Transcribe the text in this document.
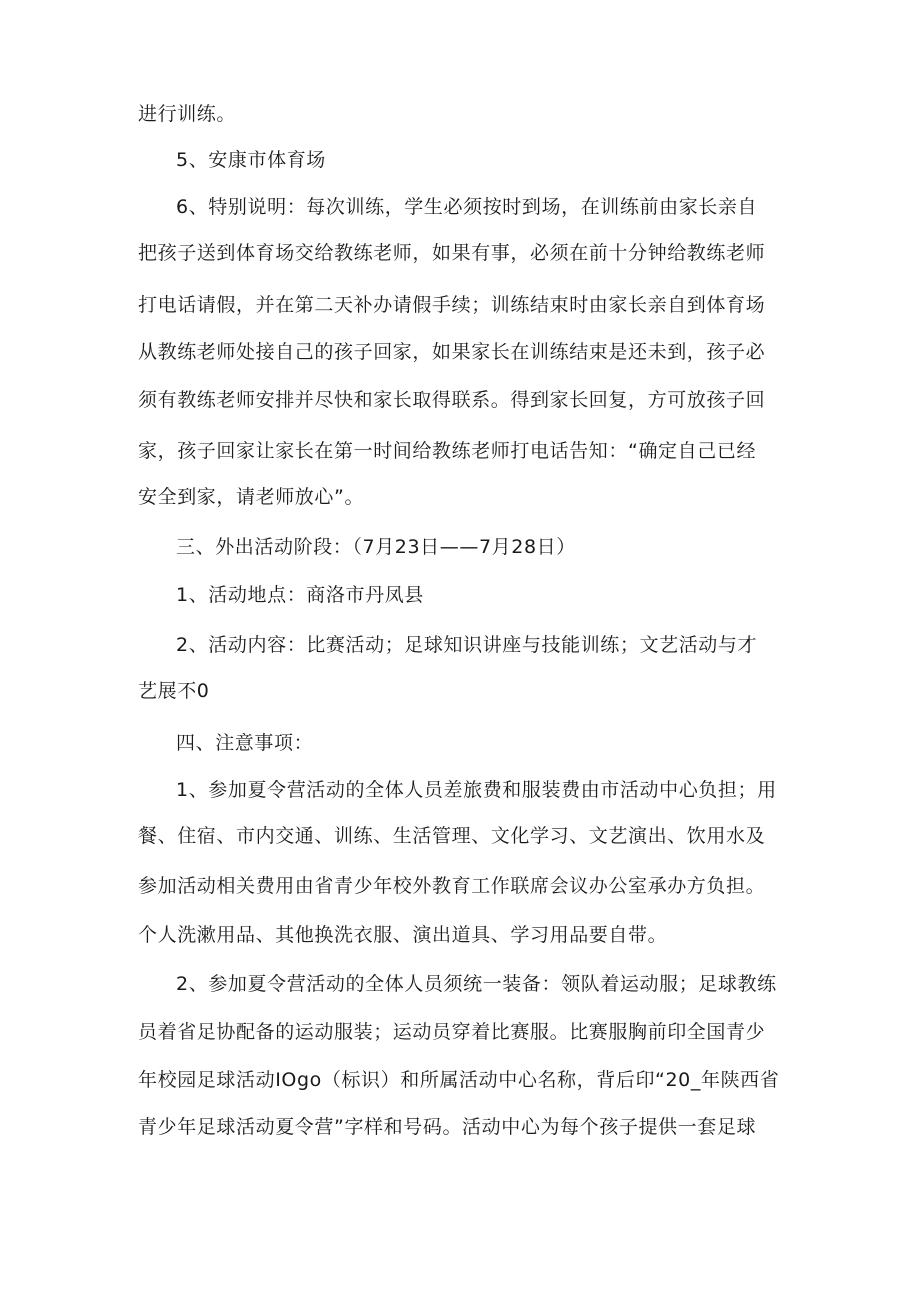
进行训练。
5、安康市体育场
6、特别说明：每次训练，学生必须按时到场，在训练前由家长亲自
把孩子送到体育场交给教练老师，如果有事，必须在前十分钟给教练老师
打电话请假，并在第二天补办请假手续；训练结束时由家长亲自到体育场
从教练老师处接自己的孩子回家，如果家长在训练结束是还未到，孩子必
须有教练老师安排并尽快和家长取得联系。得到家长回复，方可放孩子回
家，孩子回家让家长在第一时间给教练老师打电话告知：“确定自己已经
安全到家，请老师放心”。
三、外出活动阶段：（7月23日——7月28日）
1、活动地点：商洛市丹凤县
2、活动内容：比赛活动；足球知识讲座与技能训练；文艺活动与才
艺展不0
四、注意事项：
1、参加夏令营活动的全体人员差旅费和服装费由市活动中心负担；用
餐、住宿、市内交通、训练、生活管理、文化学习、文艺演出、饮用水及
参加活动相关费用由省青少年校外教育工作联席会议办公室承办方负担。
个人洗漱用品、其他换洗衣服、演出道具、学习用品要自带。
2、参加夏令营活动的全体人员须统一装备：领队着运动服；足球教练
员着省足协配备的运动服装；运动员穿着比赛服。比赛服胸前印全国青少
年校园足球活动IOgo（标识）和所属活动中心名称，背后印“20_年陕西省
青少年足球活动夏令营”字样和号码。活动中心为每个孩子提供一套足球
